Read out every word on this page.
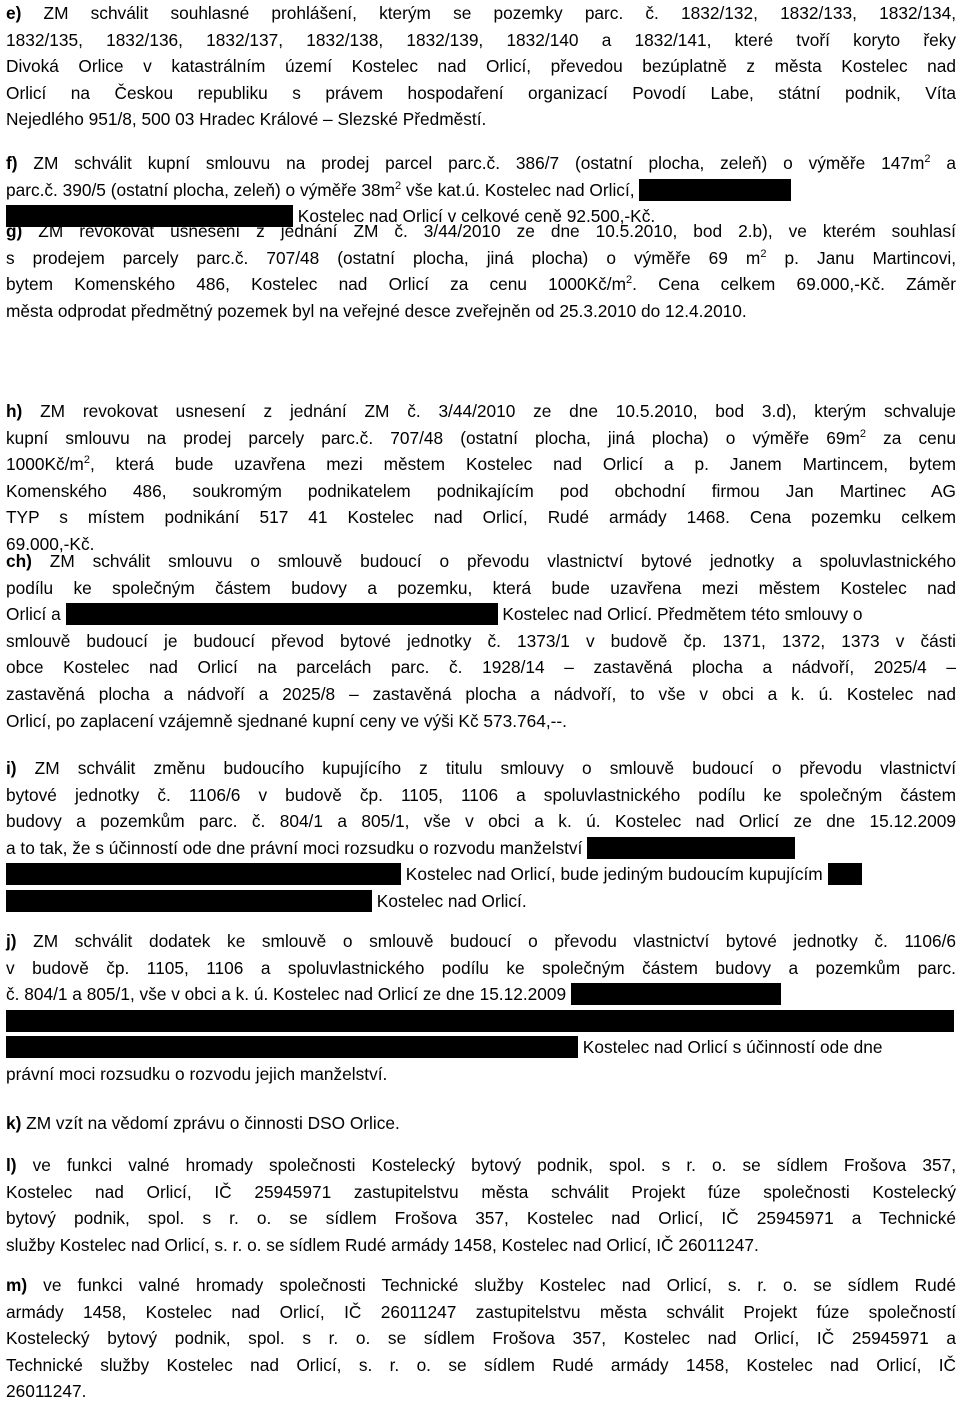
e) ZM schválit souhlasné prohlášení, kterým se pozemky parc. č. 1832/132, 1832/133, 1832/134,
1832/135, 1832/136, 1832/137, 1832/138, 1832/139, 1832/140 a 1832/141, které tvoří koryto řeky
Divoká Orlice v katastrálním území Kostelec nad Orlicí, převedou bezúplatně z města Kostelec nad
Orlicí na Českou republiku s právem hospodaření organizací Povodí Labe, státní podnik, Víta
Nejedlého 951/8, 500 03 Hradec Králové – Slezské Předměstí.
f) ZM schválit kupní smlouvu na prodej parcel parc.č. 386/7 (ostatní plocha, zeleň) o výměře $147m^2$ a
parc.č. 390/5 (ostatní plocha, zeleň) o výměře $38m^2$ vše kat.ú. Kostelec nad Orlicí,
Kostelec nad Orlicí v celkové ceně 92.500,-Kč.
g) ZM revokovat usnesení z jednání ZM č. 3/44/2010 ze dne 10.5.2010, bod 2.b), ve kterém souhlasí
s prodejem parcely parc.č. 707/48 (ostatní plocha, jiná plocha) o výměře 69 $m^2$ p. Janu Martincovi,
bytem Komenského 486, Kostelec nad Orlicí za cenu $1000Kč/m^2$. Cena celkem 69.000,-Kč. Záměr
města odprodat předmětný pozemek byl na veřejné desce zveřejněn od 25.3.2010 do 12.4.2010.
h) ZM revokovat usnesení z jednání ZM č. 3/44/2010 ze dne 10.5.2010, bod 3.d), kterým schvaluje
kupní smlouvu na prodej parcely parc.č. 707/48 (ostatní plocha, jiná plocha) o výměře $69m^2$ za cenu
$1000Kč/m^2$, která bude uzavřena mezi městem Kostelec nad Orlicí a p. Janem Martincem, bytem
Komenského 486, soukromým podnikatelem podnikajícím pod obchodní firmou Jan Martinec AG
TYP s místem podnikání 517 41 Kostelec nad Orlicí, Rudé armády 1468. Cena pozemku celkem
69.000,-Kč.
ch) ZM schválit smlouvu o smlouvě budoucí o převodu vlastnictví bytové jednotky a spoluvlastnického
podílu ke společným částem budovy a pozemku, která bude uzavřena mezi městem Kostelec nad
Orlicí a	Kostelec nad Orlicí. Předmětem této smlouvy o
smlouvě budoucí je budoucí převod bytové jednotky č. 1373/1 v budově čp. 1371, 1372, 1373 v části
obce Kostelec nad Orlicí na parcelách parc. č. 1928/14 – zastavěná plocha a nádvoří, 2025/4 –
zastavěná plocha a nádvoří a 2025/8 – zastavěná plocha a nádvoří, to vše v obci a k. ú. Kostelec nad
Orlicí, po zaplacení vzájemně sjednané kupní ceny ve výši Kč 573.764,--.
i) ZM schválit změnu budoucího kupujícího z titulu smlouvy o smlouvě budoucí o převodu vlastnictví
bytové jednotky č. 1106/6 v budově čp. 1105, 1106 a spoluvlastnického podílu ke společným částem
budovy a pozemkům parc. č. 804/1 a 805/1, vše v obci a k. ú. Kostelec nad Orlicí ze dne 15.12.2009
a to tak, že s účinností ode dne právní moci rozsudku o rozvodu manželství
Kostelec nad Orlicí, bude jediným budoucím kupujícím
Kostelec nad Orlicí.
j) ZM schválit dodatek ke smlouvě o smlouvě budoucí o převodu vlastnictví bytové jednotky č. 1106/6
v budově čp. 1105, 1106 a spoluvlastnického podílu ke společným částem budovy a pozemkům parc.
č. 804/1 a 805/1, vše v obci a k. ú. Kostelec nad Orlicí ze dne 15.12.2009
Kostelec nad Orlicí s účinností ode dne
právní moci rozsudku o rozvodu jejich manželství.
k) ZM vzít na vědomí zprávu o činnosti DSO Orlice.
l) ve funkci valné hromady společnosti Kostelecký bytový podnik, spol. s r. o. se sídlem Frošova 357,
Kostelec nad Orlicí, IČ 25945971 zastupitelstvu města schválit Projekt fúze společnosti Kostelecký
bytový podnik, spol. s r. o. se sídlem Frošova 357, Kostelec nad Orlicí, IČ 25945971 a Technické
služby Kostelec nad Orlicí, s. r. o. se sídlem Rudé armády 1458, Kostelec nad Orlicí, IČ 26011247.
m) ve funkci valné hromady společnosti Technické služby Kostelec nad Orlicí, s. r. o. se sídlem Rudé
armády 1458, Kostelec nad Orlicí, IČ 26011247 zastupitelstvu města schválit Projekt fúze společností
Kostelecký bytový podnik, spol. s r. o. se sídlem Frošova 357, Kostelec nad Orlicí, IČ 25945971 a
Technické služby Kostelec nad Orlicí, s. r. o. se sídlem Rudé armády 1458, Kostelec nad Orlicí, IČ
26011247.
